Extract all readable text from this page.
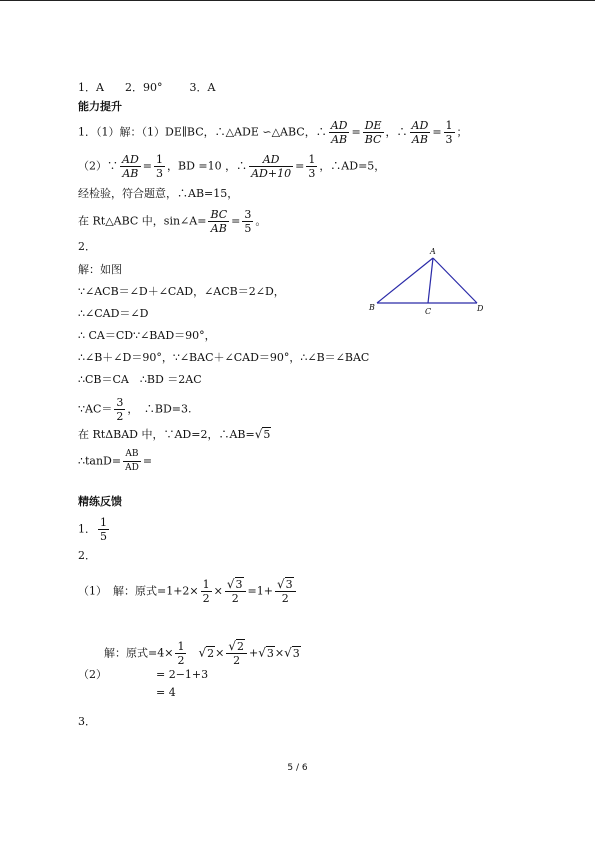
1．A 2．90° 3．A
能力提升
1．（1）解：（1）DE∥BC，∴△ADE ∽△ABC，∴ $\frac{AD}{AB} = \frac{DE}{BC}$ ，∴ $\frac{AD}{AB} = \frac{1}{3}$ ；
（2）∵ $\frac{AD}{AB} = \frac{1}{3}$ ，BD =10 ，∴ $\frac{AD}{AD+10} = \frac{1}{3}$ ，∴AD=5，
经检验，符合题意，∴AB=15，
在 Rt△ABC 中，sin∠A= $\frac{BC}{AB} = \frac{3}{5}$ 。
2．
解：如图
∵∠ACB＝∠D＋∠CAD，∠ACB＝2∠D，
∴∠CAD＝∠D
∴ CA＝CD∵∠BAD＝90°，
∴∠B＋∠D＝90°，∵∠BAC＋∠CAD＝90°，∴∠B＝∠BAC
∴CB＝CA　∴BD ＝2AC
∵AC＝ $\frac{3}{2}$ ，　∴BD=3.
在 RtΔBAD 中，∵AD=2，∴AB=√5
∴tanD= $\frac{AB}{AD}$ =
A
B	C	D
精练反馈
1． $\frac{1}{5}$
2．
（1） 解：原式$=1+2\times \frac{1}{2} \times \frac{√3}{2} =1+ \frac{√3}{2}$
解：原式$=4\times \frac{1}{2} √2\times \frac{√2}{2} +√3\times√3$
（2）	= 2−1+3
= 4
3．
5 / 6
